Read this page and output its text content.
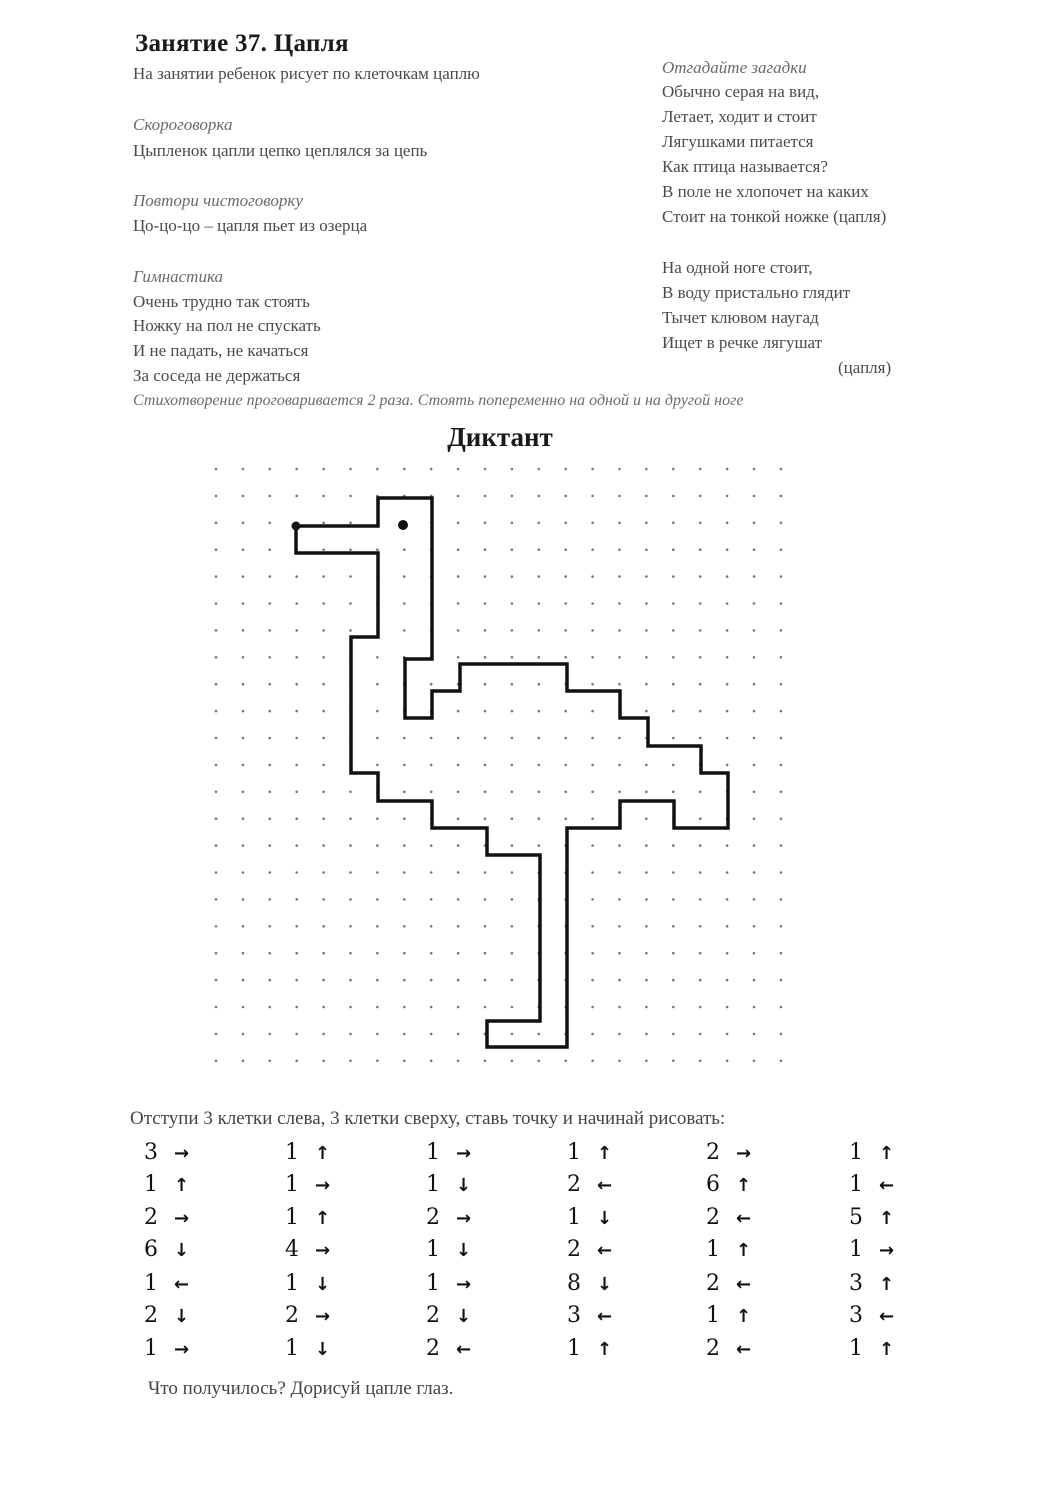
Занятие 37. Цапля
На занятии ребенок рисует по клеточкам цаплю
Скороговорка
Цыпленок цапли цепко цеплялся за цепь
Повтори чистоговорку
Цо-цо-цо – цапля пьет из озерца
Гимнастика
Очень трудно так стоять
Ножку на пол не спускать
И не падать, не качаться
За соседа не держаться
Стихотворение проговаривается 2 раза. Стоять попеременно на одной и на другой ноге
Отгадайте загадки
Обычно серая на вид,
Летает, ходит и стоит
Лягушками питается
Как птица называется?
В поле не хлопочет на каких
Стоит на тонкой ножке (цапля)
На одной ноге стоит,
В воду пристально глядит
Тычет клювом наугад
Ищет в речке лягушат
(цапля)
Диктант
Отступи 3 клетки слева, 3 клетки сверху, ставь точку и начинай рисовать:
3 →
1 ↑
2 →
6 ↓
1 ←
2 ↓
1 →
1 ↑
1 →
1 ↑
4 →
1 ↓
2 →
1 ↓
1 →
1 ↓
2 →
1 ↓
1 →
2 ↓
2 ←
1 ↑
2 ←
1 ↓
2 ←
8 ↓
3 ←
1 ↑
2 →
6 ↑
2 ←
1 ↑
2 ←
1 ↑
2 ←
1 ↑
1 ←
5 ↑
1 →
3 ↑
3 ←
1 ↑
Что получилось? Дорисуй цапле глаз.
